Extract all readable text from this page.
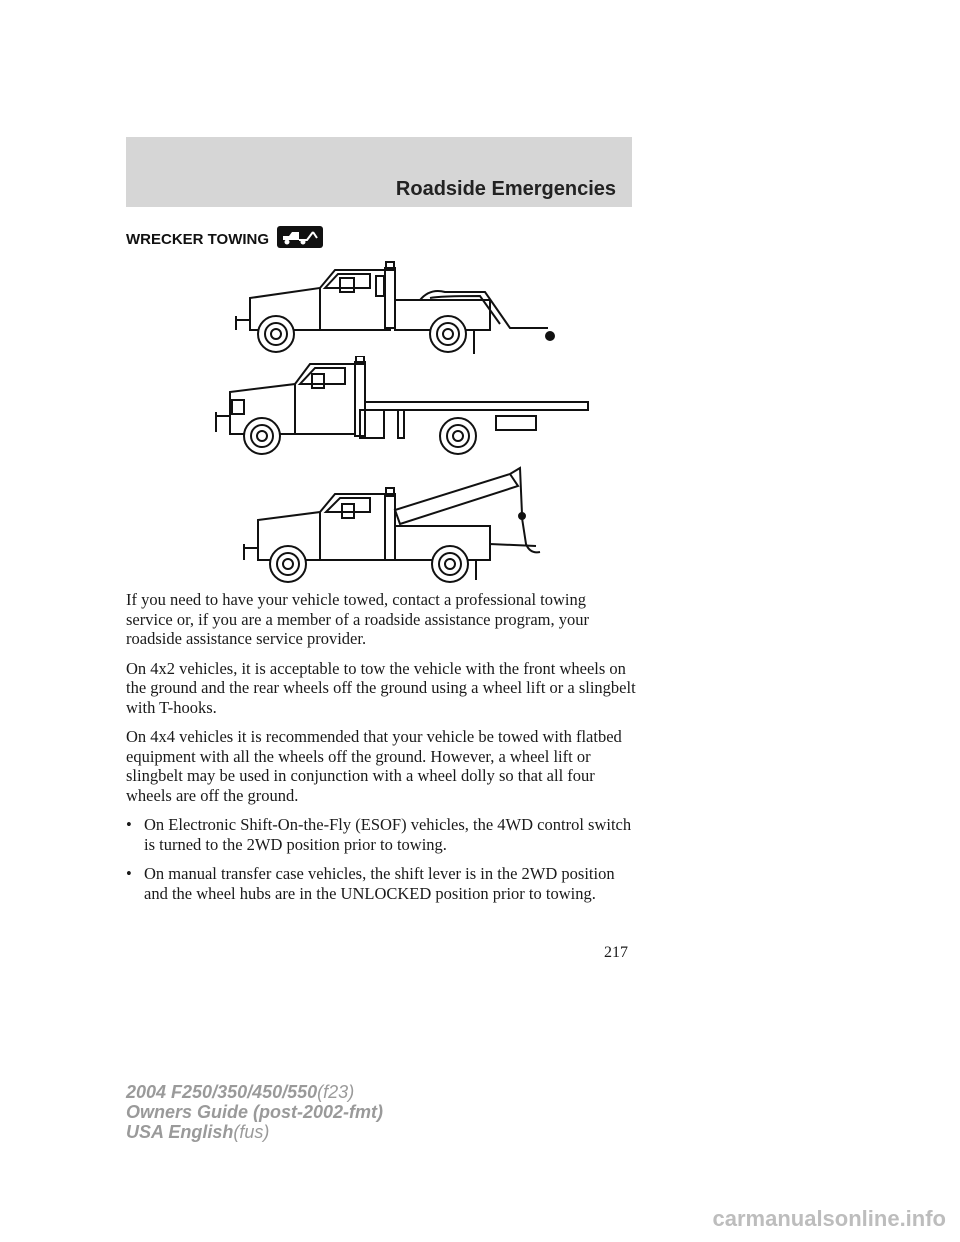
Roadside Emergencies
WRECKER TOWING

If you need to have your vehicle towed, contact a professional towing service or, if you are a member of a roadside assistance program, your roadside assistance service provider.

On 4x2 vehicles, it is acceptable to tow the vehicle with the front wheels on the ground and the rear wheels off the ground using a wheel lift or a slingbelt with T-hooks.

On 4x4 vehicles it is recommended that your vehicle be towed with flatbed equipment with all the wheels off the ground. However, a wheel lift or slingbelt may be used in conjunction with a wheel dolly so that all four wheels are off the ground.

• On Electronic Shift-On-the-Fly (ESOF) vehicles, the 4WD control switch is turned to the 2WD position prior to towing.
• On manual transfer case vehicles, the shift lever is in the 2WD position and the wheel hubs are in the UNLOCKED position prior to towing.
217
2004 F250/350/450/550(f23)
Owners Guide (post-2002-fmt)
USA English(fus)
carmanualsonline.info
